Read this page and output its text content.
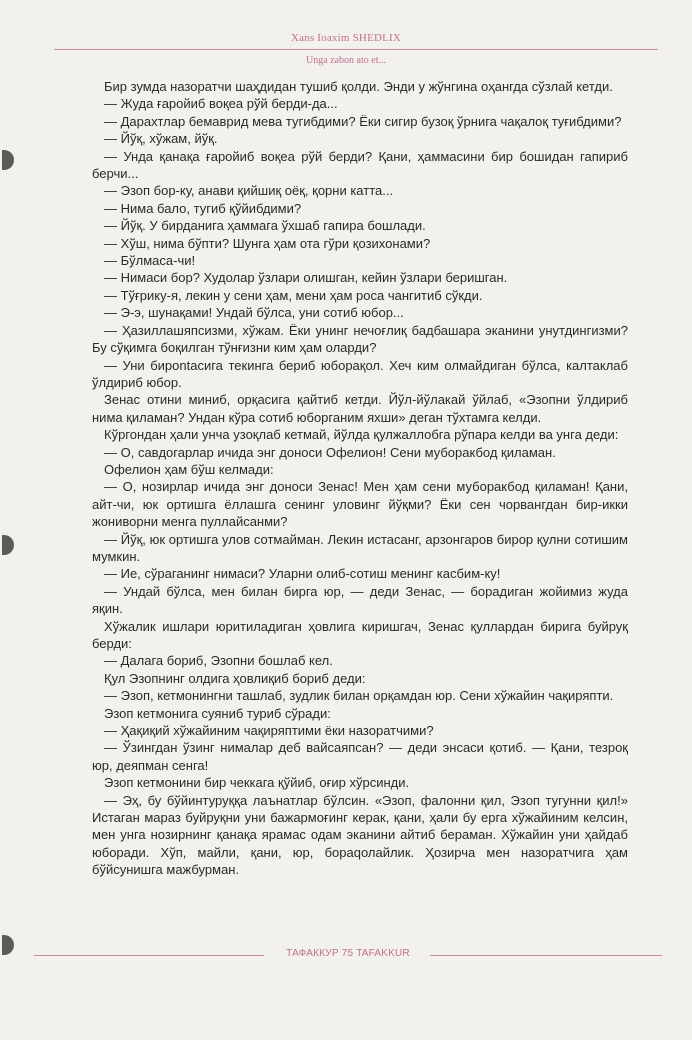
Xans Ioaxim SHEDLIX
Unga zabon ato et...

Бир зумда назоратчи шаҳдидан тушиб қолди. Энди у жўнгина оҳангда сўзлай кетди.

— Жуда ғаройиб воқеа рўй берди-да...

— Дарахтлар бемаврид мева тугибдими? Ёки сигир бузоқ ўрнига чақалоқ туғибдими?

— Йўқ, хўжам, йўқ.

— Унда қанақа ғаройиб воқеа рўй берди? Қани, ҳаммасини бир бошидан гапириб берчи...

— Эзоп бор-ку, анави қийшиқ оёқ, қорни катта...

— Нима бало, тугиб қўйибдими?

— Йўқ. У бирданига ҳаммага ўхшаб гапира бошлади.

— Хўш, нима бўпти? Шунга ҳам ота гўри қозихонами?

— Бўлмаса-чи!

— Нимаси бор? Худолар ўзлари олишган, кейин ўзлари беришган.

— Тўғрику-я, лекин у сени ҳам, мени ҳам роса чангитиб сўкди.

— Э-э, шунақами! Ундай бўлса, уни сотиб юбор...

— Ҳазиллашяпсизми, хўжам. Ёки унинг нечоғлиқ бадбашара эканини унутдингизми? Бу сўқимга боқилган тўнғизни ким ҳам оларди?

— Уни бирontасига текинга бериб юборақол. Хеч ким олмайдиган бўлса, калтаклаб ўлдириб юбор.

Зенас отини миниб, орқасига қайтиб кетди. Йўл-йўлакай ўйлаб, «Эзопни ўлдириб нима қиламан? Ундан кўра сотиб юборганим яхши» деган тўхтамга келди.

Кўргондан ҳали унча узоқлаб кетмай, йўлда қулжаллобга рўпара келди ва унга деди:

— О, савдогарлар ичида энг доноси Офелион! Сени муборакбод қиламан.

Офелион ҳам бўш келмади:

— О, нозирлар ичида энг доноси Зенас! Мен ҳам сени муборакбод қиламан! Қани, айт-чи, юк ортишга ёллашга сенинг уловинг йўқми? Ёки сен чорвангдан бир-икки жониворни менга пуллайсанми?

— Йўқ, юк ортишга улов сотмайман. Лекин истасанг, арзонгаров бирор қулни сотишим мумкин.

— Ие, сўраганинг нимаси? Уларни олиб-сотиш менинг касбим-ку!

— Ундай бўлса, мен билан бирга юр, — деди Зенас, — борадиган жойимиз жуда яқин.

Хўжалик ишлари юритиладиган ҳовлига киришгач, Зенас қуллардан бирига буйруқ берди:

— Далага бориб, Эзопни бошлаб кел.

Қул Эзопнинг олдига ҳовлиқиб бориб деди:

— Эзоп, кетмонингни ташлаб, зудлик билан орқамдан юр. Сени хўжайин чақиряпти.

Эзоп кетмонига суяниб туриб сўради:

— Ҳақиқий хўжайиним чақиряптими ёки назоратчими?

— Ўзингдан ўзинг нималар деб вайсаяпсан? — деди энсаси қотиб. — Қани, тезроқ юр, деяпман сенга!

Эзоп кетмонини бир чеккага қўйиб, оғир хўрсинди.

— Эҳ, бу бўйинтуруққа лаънатлар бўлсин. «Эзоп, фалонни қил, Эзоп тугунни қил!» Истаган мараз буйруқни уни бажармоғинг керак, қани, ҳали бу ерга хўжайиним келсин, мен унга нозирнинг қанақа ярамас одам эканини айтиб бераман. Хўжайин уни ҳайдаб юборади. Хўп, майли, қани, юр, бораqолайлик. Ҳозирча мен назоратчига ҳам бўйсунишга мажбурман.

ТАФАККУР 75 TAFAKKUR
